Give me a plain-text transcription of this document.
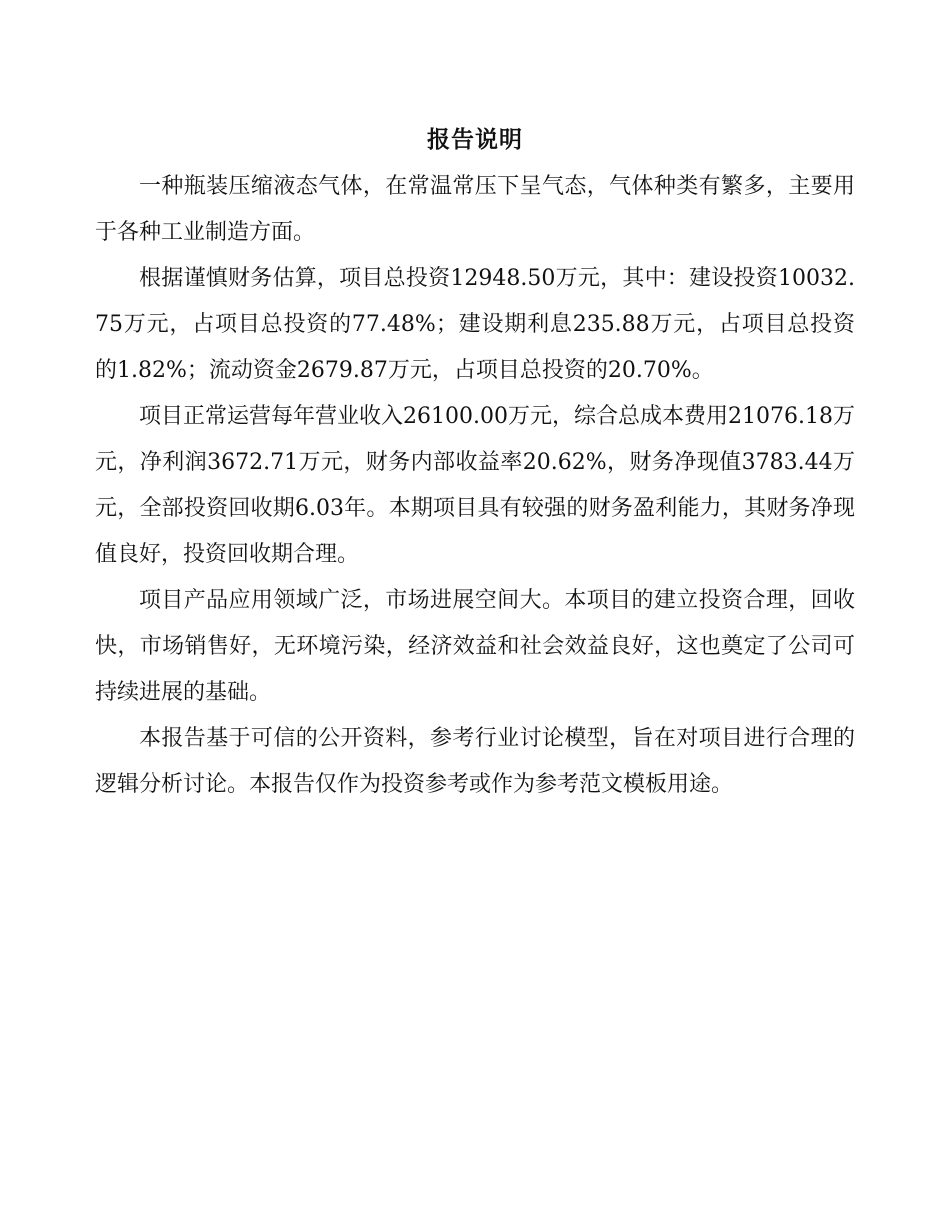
报告说明

一种瓶装压缩液态气体，在常温常压下呈气态，气体种类有繁多，主要用于各种工业制造方面。

根据谨慎财务估算，项目总投资12948.50万元，其中：建设投资10032.75万元，占项目总投资的77.48%；建设期利息235.88万元，占项目总投资的1.82%；流动资金2679.87万元，占项目总投资的20.70%。

项目正常运营每年营业收入26100.00万元，综合总成本费用21076.18万元，净利润3672.71万元，财务内部收益率20.62%，财务净现值3783.44万元，全部投资回收期6.03年。本期项目具有较强的财务盈利能力，其财务净现值良好，投资回收期合理。

项目产品应用领域广泛，市场进展空间大。本项目的建立投资合理，回收快，市场销售好，无环境污染，经济效益和社会效益良好，这也奠定了公司可持续进展的基础。

本报告基于可信的公开资料，参考行业讨论模型，旨在对项目进行合理的逻辑分析讨论。本报告仅作为投资参考或作为参考范文模板用途。
